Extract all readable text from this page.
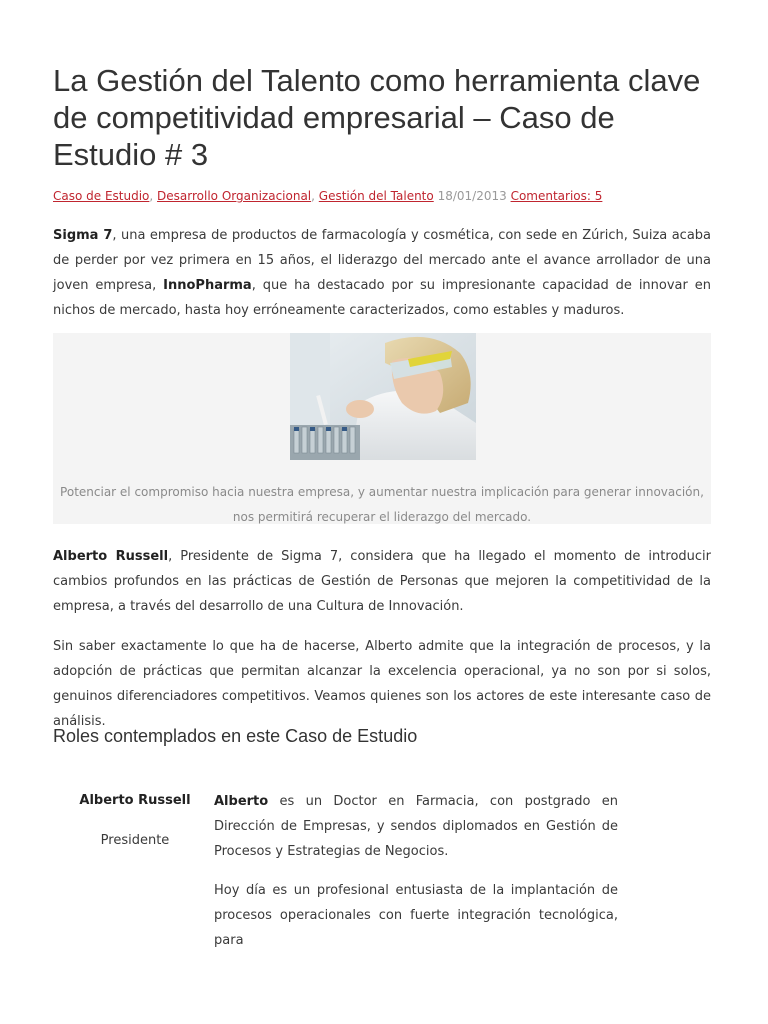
La Gestión del Talento como herramienta clave de competitividad empresarial – Caso de Estudio # 3
Caso de Estudio, Desarrollo Organizacional, Gestión del Talento 18/01/2013 Comentarios: 5

Sigma 7, una empresa de productos de farmacología y cosmética, con sede en Zúrich, Suiza acaba de perder por vez primera en 15 años, el liderazgo del mercado ante el avance arrollador de una joven empresa, InnoPharma, que ha destacado por su impresionante capacidad de innovar en nichos de mercado, hasta hoy erróneamente caracterizados, como estables y maduros.

Potenciar el compromiso hacia nuestra empresa, y aumentar nuestra implicación para generar innovación, nos permitirá recuperar el liderazgo del mercado.

Alberto Russell, Presidente de Sigma 7, considera que ha llegado el momento de introducir cambios profundos en las prácticas de Gestión de Personas que mejoren la competitividad de la empresa, a través del desarrollo de una Cultura de Innovación.

Sin saber exactamente lo que ha de hacerse, Alberto admite que la integración de procesos, y la adopción de prácticas que permitan alcanzar la excelencia operacional, ya no son por si solos, genuinos diferenciadores competitivos. Veamos quienes son los actores de este interesante caso de análisis.

Roles contemplados en este Caso de Estudio
Alberto Russell
Presidente

Alberto es un Doctor en Farmacia, con postgrado en Dirección de Empresas, y sendos diplomados en Gestión de Procesos y Estrategias de Negocios.

Hoy día es un profesional entusiasta de la implantación de procesos operacionales con fuerte integración tecnológica, para
